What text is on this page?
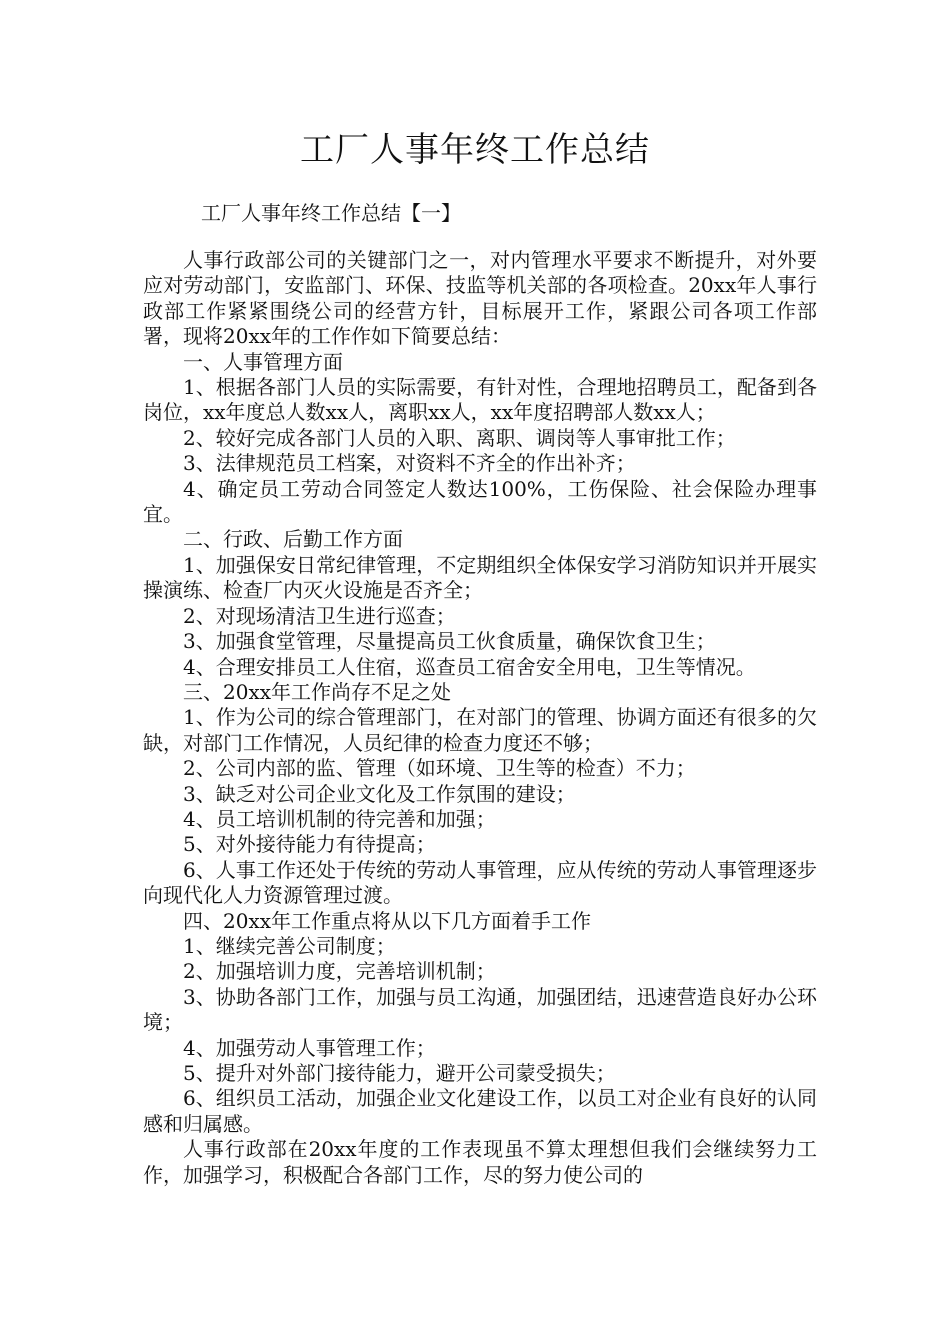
工厂人事年终工作总结
工厂人事年终工作总结【一】

人事行政部公司的关键部门之一，对内管理水平要求不断提升，对外要应对劳动部门，安监部门、环保、技监等机关部的各项检查。20xx年人事行政部工作紧紧围绕公司的经营方针，目标展开工作，紧跟公司各项工作部署，现将20xx年的工作作如下简要总结：

一、人事管理方面

1、根据各部门人员的实际需要，有针对性，合理地招聘员工，配备到各岗位，xx年度总人数xx人，离职xx人，xx年度招聘部人数xx人；

2、较好完成各部门人员的入职、离职、调岗等人事审批工作；

3、法律规范员工档案，对资料不齐全的作出补齐；

4、确定员工劳动合同签定人数达100%，工伤保险、社会保险办理事宜。

二、行政、后勤工作方面

1、加强保安日常纪律管理，不定期组织全体保安学习消防知识并开展实操演练、检查厂内灭火设施是否齐全；

2、对现场清洁卫生进行巡查；

3、加强食堂管理，尽量提高员工伙食质量，确保饮食卫生；

4、合理安排员工人住宿，巡查员工宿舍安全用电，卫生等情况。

三、20xx年工作尚存不足之处

1、作为公司的综合管理部门，在对部门的管理、协调方面还有很多的欠缺，对部门工作情况，人员纪律的检查力度还不够；

2、公司内部的监、管理（如环境、卫生等的检查）不力；

3、缺乏对公司企业文化及工作氛围的建设；

4、员工培训机制的待完善和加强；

5、对外接待能力有待提高；

6、人事工作还处于传统的劳动人事管理，应从传统的劳动人事管理逐步向现代化人力资源管理过渡。

四、20xx年工作重点将从以下几方面着手工作

1、继续完善公司制度；

2、加强培训力度，完善培训机制；

3、协助各部门工作，加强与员工沟通，加强团结，迅速营造良好办公环境；

4、加强劳动人事管理工作；

5、提升对外部门接待能力，避开公司蒙受损失；

6、组织员工活动，加强企业文化建设工作，以员工对企业有良好的认同感和归属感。

人事行政部在20xx年度的工作表现虽不算太理想但我们会继续努力工作，加强学习，积极配合各部门工作，尽的努力使公司的
